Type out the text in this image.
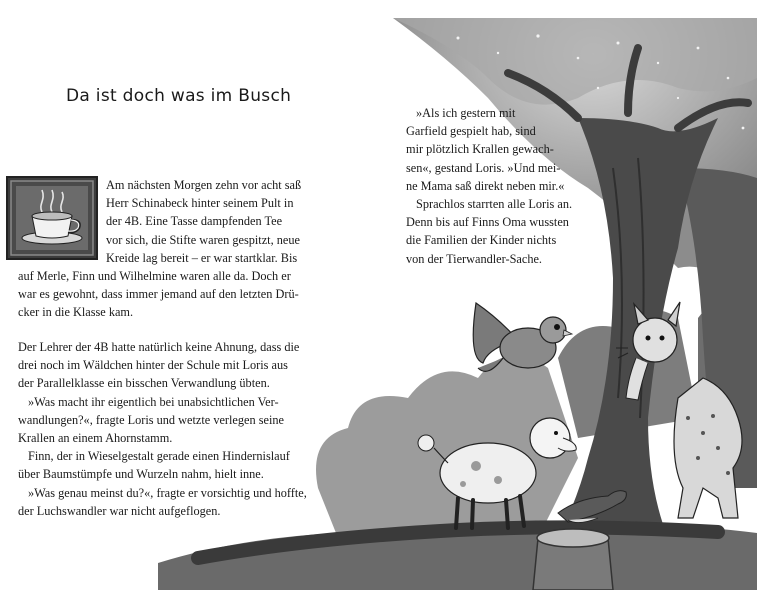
Da ist doch was im Busch

Am nächsten Morgen zehn vor acht saß

Herr Schinabeck hinter seinem Pult in

der 4B. Eine Tasse dampfenden Tee

vor sich, die Stifte waren gespitzt, neue

Kreide lag bereit – er war startklar. Bis

auf Merle, Finn und Wilhelmine waren alle da. Doch er

war es gewohnt, dass immer jemand auf den letzten Drü-

cker in die Klasse kam.

Der Lehrer der 4B hatte natürlich keine Ahnung, dass die

drei noch im Wäldchen hinter der Schule mit Loris aus

der Parallelklasse ein bisschen Verwandlung übten.

»Was macht ihr eigentlich bei unabsichtlichen Ver-

wandlungen?«, fragte Loris und wetzte verlegen seine

Krallen an einem Ahornstamm.

Finn, der in Wieselgestalt gerade einen Hindernislauf

über Baumstümpfe und Wurzeln nahm, hielt inne.

»Was genau meinst du?«, fragte er vorsichtig und hoffte,

der Luchswandler war nicht aufgeflogen.

»Als ich gestern mit

Garfield gespielt hab, sind

mir plötzlich Krallen gewach-

sen«, gestand Loris. »Und mei-

ne Mama saß direkt neben mir.«

Sprachlos starrten alle Loris an.

Denn bis auf Finns Oma wussten

die Familien der Kinder nichts

von der Tierwandler-Sache.
